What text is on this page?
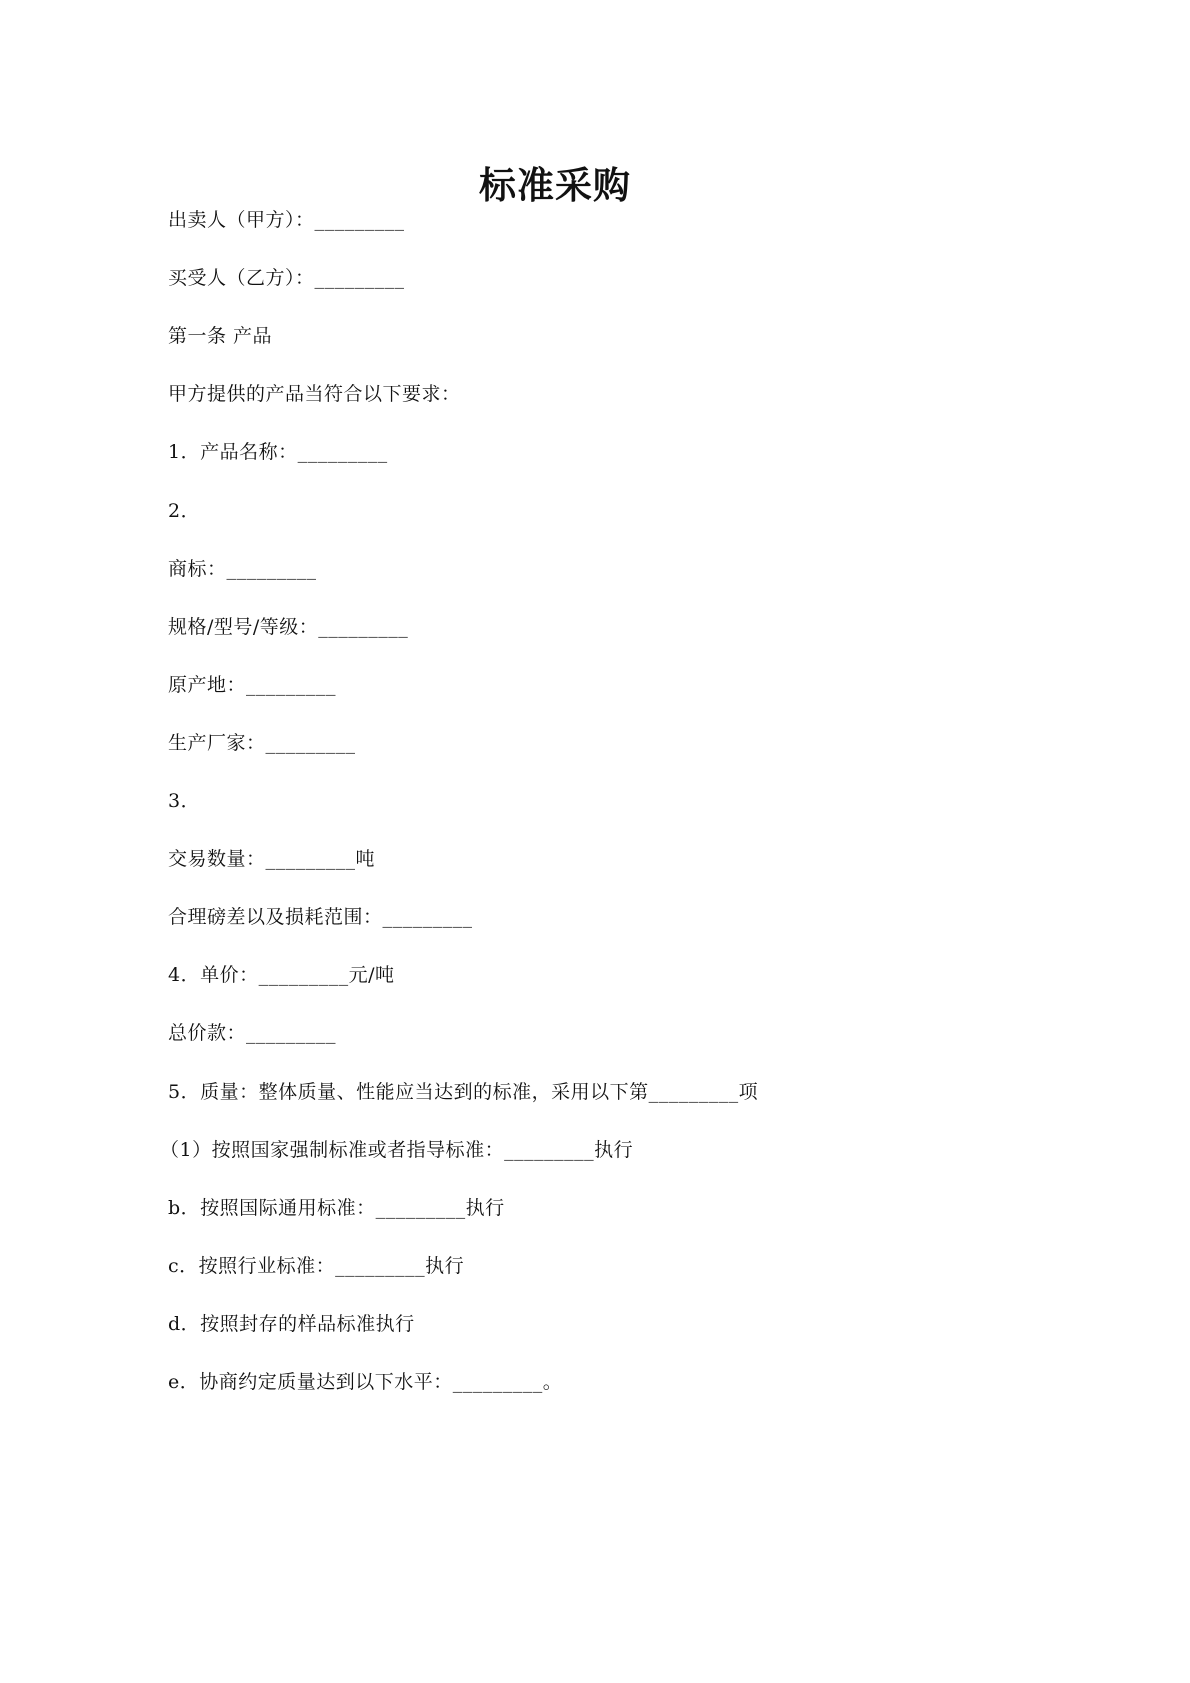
标准采购
出卖人（甲方）：_________
买受人（乙方）：_________
第一条 产品
甲方提供的产品当符合以下要求：
1．产品名称：_________
2．
商标：_________
规格/型号/等级：_________
原产地：_________
生产厂家：_________
3．
交易数量：_________吨
合理磅差以及损耗范围：_________
4．单价：_________元/吨
总价款：_________
5．质量：整体质量、性能应当达到的标准，采用以下第_________项
（1）按照国家强制标准或者指导标准：_________执行
b．按照国际通用标准：_________执行
c．按照行业标准：_________执行
d．按照封存的样品标准执行
e．协商约定质量达到以下水平：_________。
